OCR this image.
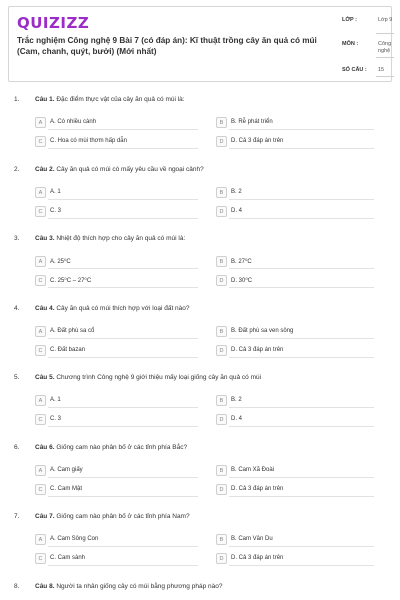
QUIZIZZ
Trắc nghiệm Công nghệ 9 Bài 7 (có đáp án): Kĩ thuật trồng cây ăn quả có múi (Cam, chanh, quýt, bưởi) (Mới nhất)
LỚP :	Lớp 9
MÔN :	Công nghệ
SỐ CÂU : 15
1. Câu 1. Đặc điểm thực vật của cây ăn quả có múi là:
A	A. Có nhiều cành	B	B. Rễ phát triển
C	C. Hoa có mùi thơm hấp dẫn	D	D. Cả 3 đáp án trên
2. Câu 2. Cây ăn quả có múi có mấy yêu cầu về ngoại cảnh?
A	A. 1	B	B. 2
C	C. 3	D	D. 4
3. Câu 3. Nhiệt độ thích hợp cho cây ăn quả có múi là:
A	A. 25⁰C	B	B. 27⁰C
C	C. 25⁰C – 27⁰C	D	D. 30⁰C
4. Câu 4. Cây ăn quả có múi thích hợp với loại đất nào?
A	A. Đất phù sa cổ	B	B. Đất phù sa ven sông
C	C. Đất bazan	D	D. Cả 3 đáp án trên
5. Câu 5. Chương trình Công nghệ 9 giới thiệu mấy loại giống cây ăn quả có múi
A	A. 1	B	B. 2
C	C. 3	D	D. 4
6. Câu 6. Giống cam nào phân bố ở các tỉnh phía Bắc?
A	A. Cam giấy	B	B. Cam Xã Đoài
C	C. Cam Mật	D	D. Cả 3 đáp án trên
7. Câu 7. Giống cam nào phân bố ở các tỉnh phía Nam?
A	A. Cam Sông Con	B	B. Cam Vân Du
C	C. Cam sành	D	D. Cả 3 đáp án trên
8. Câu 8. Người ta nhân giống cây có múi bằng phương pháp nào?
